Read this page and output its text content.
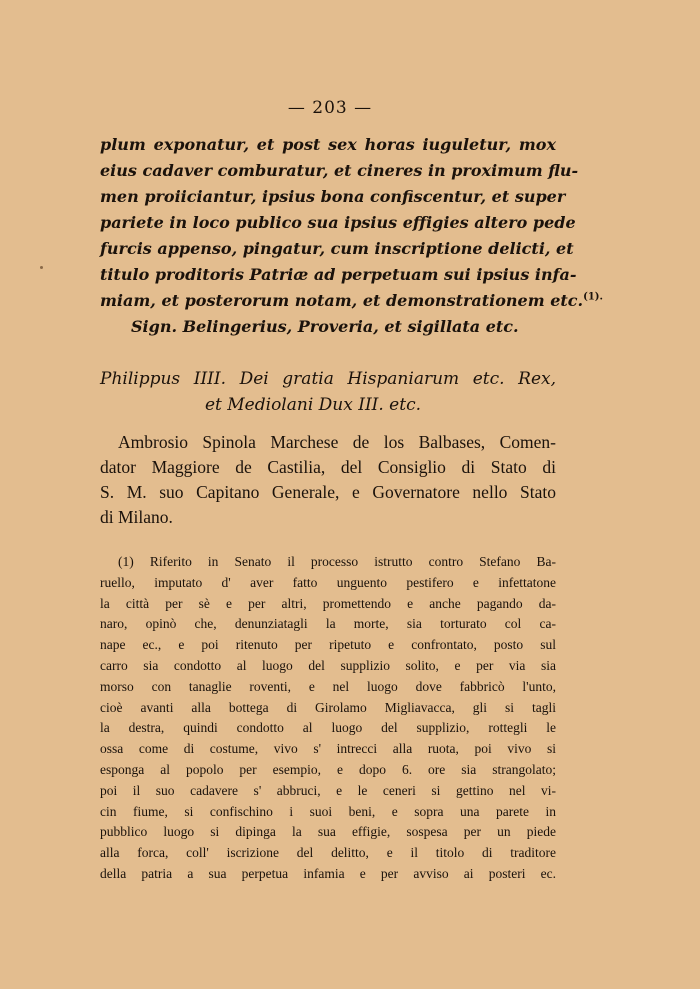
— 203 —
plum exponatur, et post sex horas iuguletur, mox
eius cadaver comburatur, et cineres in proximum flu-
men proiiciantur, ipsius bona confiscentur, et super
pariete in loco publico sua ipsius effigies altero pede
furcis appenso, pingatur, cum inscriptione delicti, et
titulo proditoris Patriæ ad perpetuam sui ipsius infa-
miam, et posterorum notam, et demonstrationem etc.$^{(1).}$
Sign. Belingerius, Proveria, et sigillata etc.
Philippus IIII. Dei gratia Hispaniarum etc. Rex,
et Mediolani Dux III. etc.
Ambrosio Spinola Marchese de los Balbases, Comen-
dator Maggiore de Castilia, del Consiglio di Stato di
S. M. suo Capitano Generale, e Governatore nello Stato
di Milano.
(1) Riferito in Senato il processo istrutto contro Stefano Ba-
ruello, imputato d' aver fatto unguento pestifero e infettatone
la città per sè e per altri, promettendo e anche pagando da-
naro, opinò che, denunziatagli la morte, sia torturato col ca-
nape ec., e poi ritenuto per ripetuto e confrontato, posto sul
carro sia condotto al luogo del supplizio solito, e per via sia
morso con tanaglie roventi, e nel luogo dove fabbricò l'unto,
cioè avanti alla bottega di Girolamo Migliavacca, gli si tagli
la destra, quindi condotto al luogo del supplizio, rottegli le
ossa come di costume, vivo s' intrecci alla ruota, poi vivo si
esponga al popolo per esempio, e dopo 6. ore sia strangolato;
poi il suo cadavere s' abbruci, e le ceneri si gettino nel vi-
cin fiume, si confischino i suoi beni, e sopra una parete in
pubblico luogo si dipinga la sua effigie, sospesa per un piede
alla forca, coll' iscrizione del delitto, e il titolo di traditore
della patria a sua perpetua infamia e per avviso ai posteri ec.
